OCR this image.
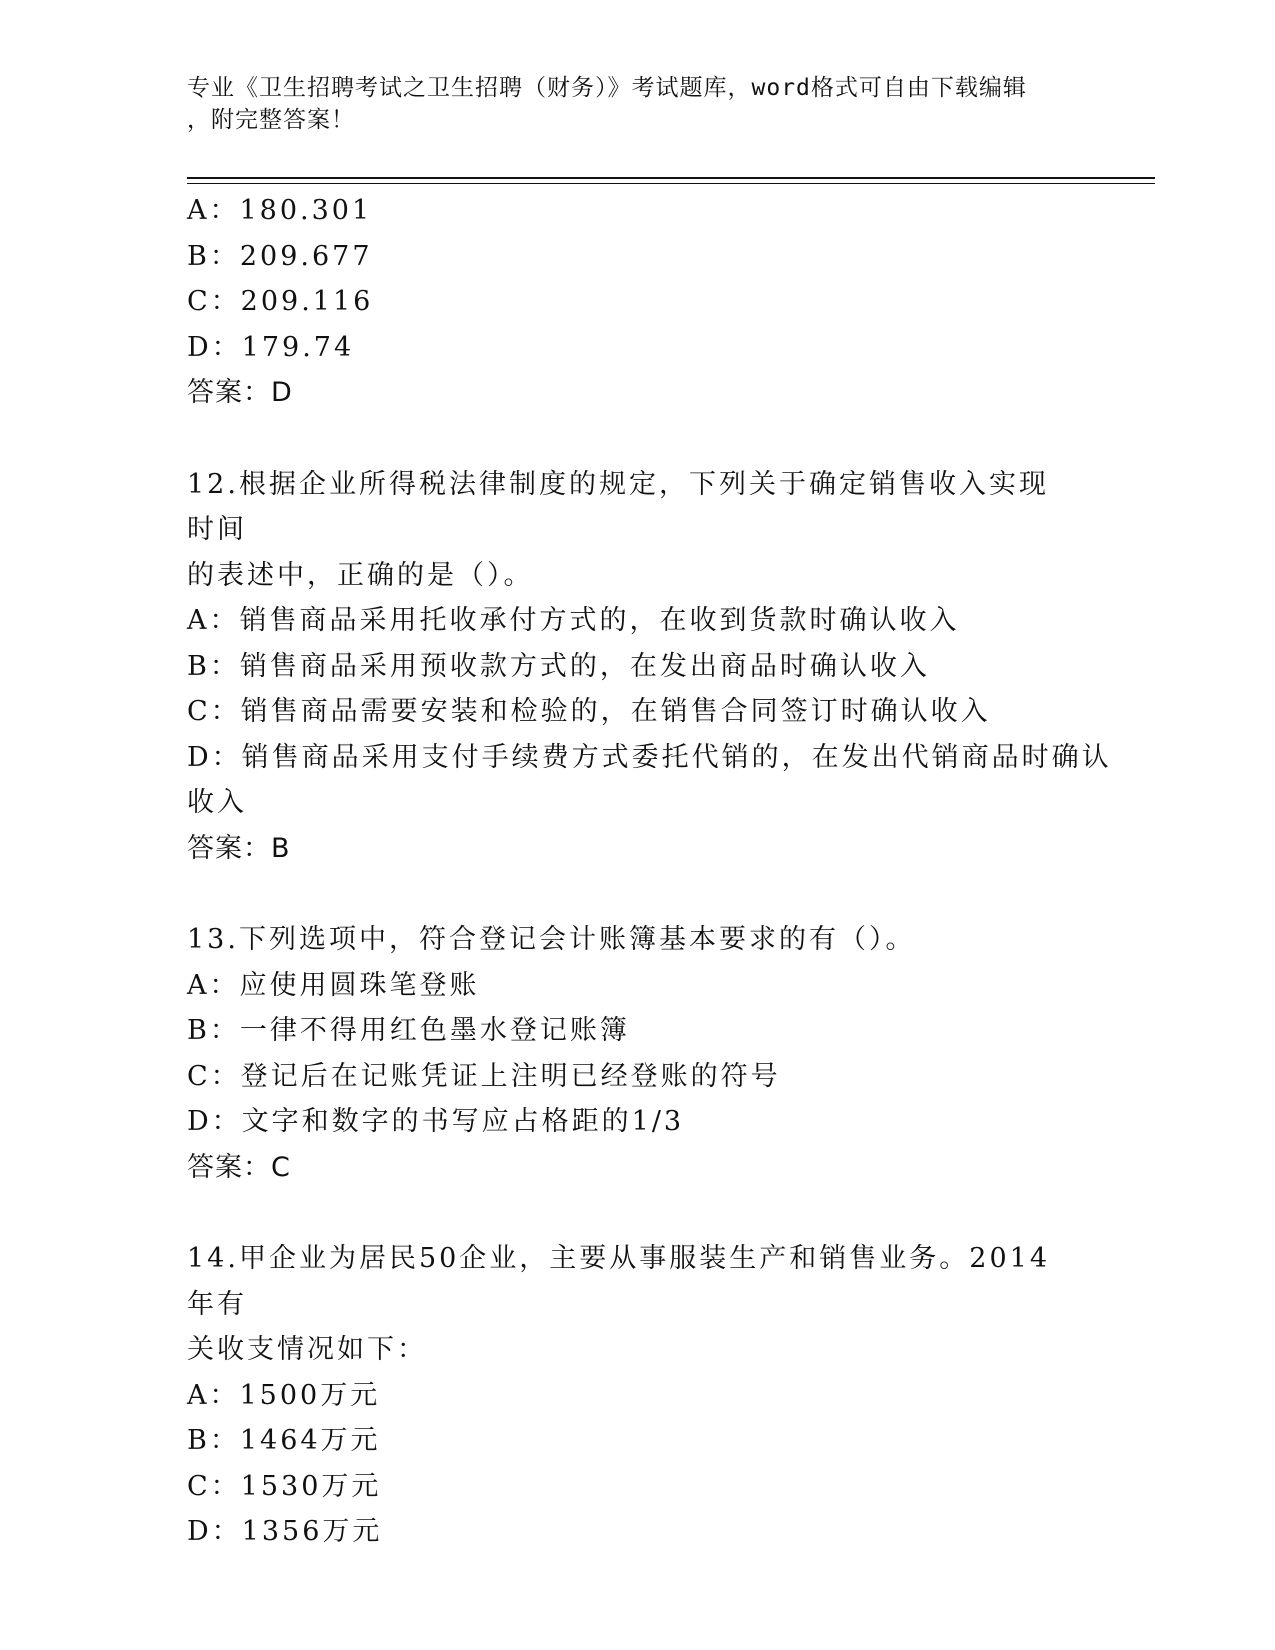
专业《卫生招聘考试之卫生招聘（财务）》考试题库，word格式可自由下载编辑
，附完整答案！
A：180.301
B：209.677
C：209.116
D：179.74
答案：D
12.根据企业所得税法律制度的规定，下列关于确定销售收入实现时间
的表述中，正确的是（）。
A：销售商品采用托收承付方式的，在收到货款时确认收入
B：销售商品采用预收款方式的，在发出商品时确认收入
C：销售商品需要安装和检验的，在销售合同签订时确认收入
D：销售商品采用支付手续费方式委托代销的，在发出代销商品时确认
收入
答案：B
13.下列选项中，符合登记会计账簿基本要求的有（）。
A：应使用圆珠笔登账
B：一律不得用红色墨水登记账簿
C：登记后在记账凭证上注明已经登账的符号
D：文字和数字的书写应占格距的1/3
答案：C
14.甲企业为居民50企业，主要从事服装生产和销售业务。2014年有
关收支情况如下：
A：1500万元
B：1464万元
C：1530万元
D：1356万元
